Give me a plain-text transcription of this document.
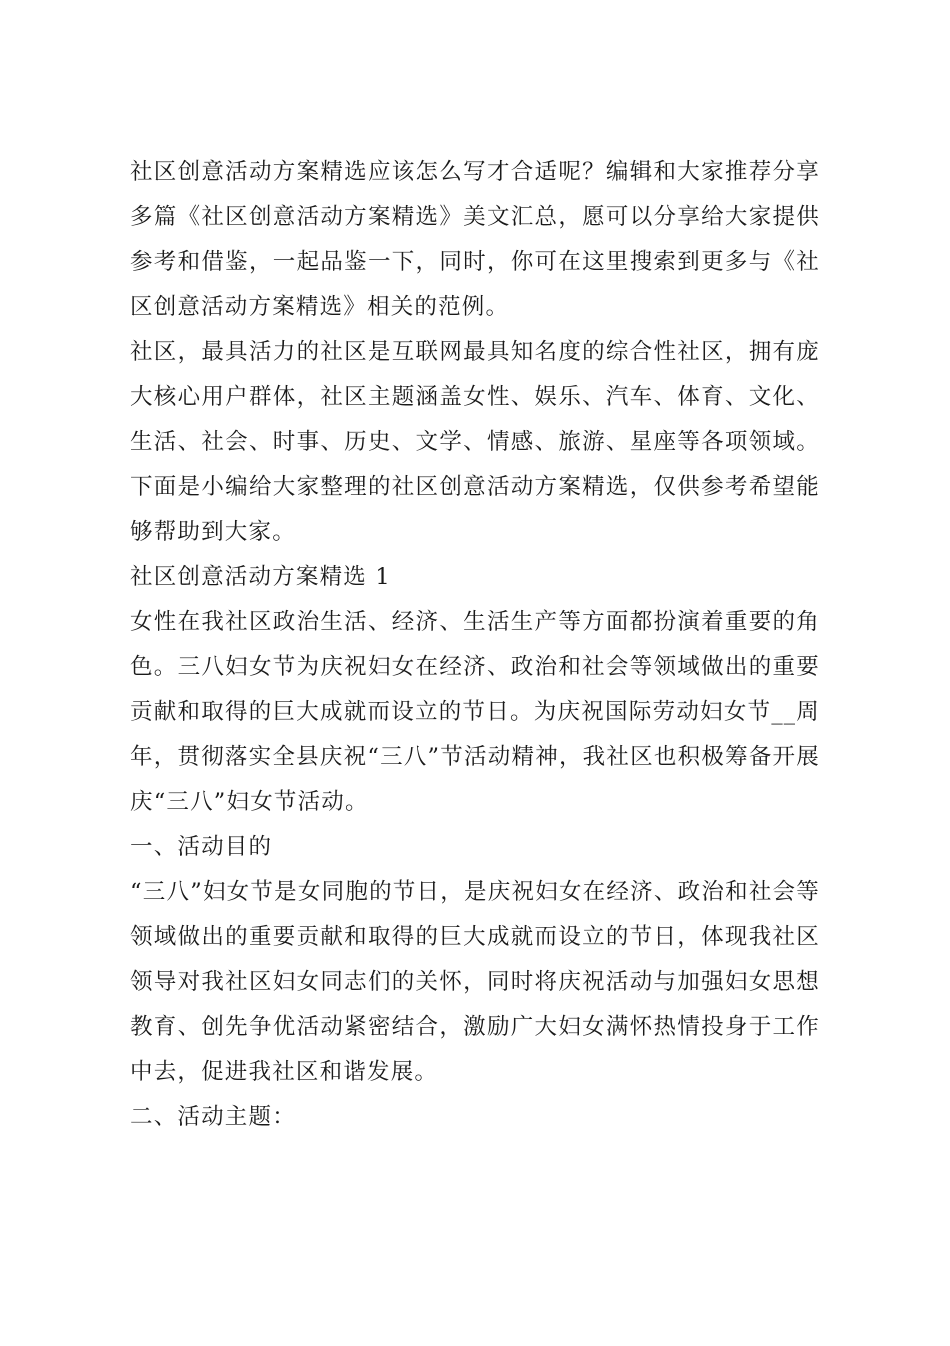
社区创意活动方案精选应该怎么写才合适呢？编辑和大家推荐分享多篇《社区创意活动方案精选》美文汇总，愿可以分享给大家提供参考和借鉴，一起品鉴一下，同时，你可在这里搜索到更多与《社区创意活动方案精选》相关的范例。

社区，最具活力的社区是互联网最具知名度的综合性社区，拥有庞大核心用户群体，社区主题涵盖女性、娱乐、汽车、体育、文化、生活、社会、时事、历史、文学、情感、旅游、星座等各项领域。下面是小编给大家整理的社区创意活动方案精选，仅供参考希望能够帮助到大家。

社区创意活动方案精选 1

女性在我社区政治生活、经济、生活生产等方面都扮演着重要的角色。三八妇女节为庆祝妇女在经济、政治和社会等领域做出的重要贡献和取得的巨大成就而设立的节日。为庆祝国际劳动妇女节__周年，贯彻落实全县庆祝“三八”节活动精神，我社区也积极筹备开展庆“三八”妇女节活动。

一、活动目的

“三八”妇女节是女同胞的节日，是庆祝妇女在经济、政治和社会等领域做出的重要贡献和取得的巨大成就而设立的节日，体现我社区领导对我社区妇女同志们的关怀，同时将庆祝活动与加强妇女思想教育、创先争优活动紧密结合，激励广大妇女满怀热情投身于工作中去，促进我社区和谐发展。

二、活动主题：
